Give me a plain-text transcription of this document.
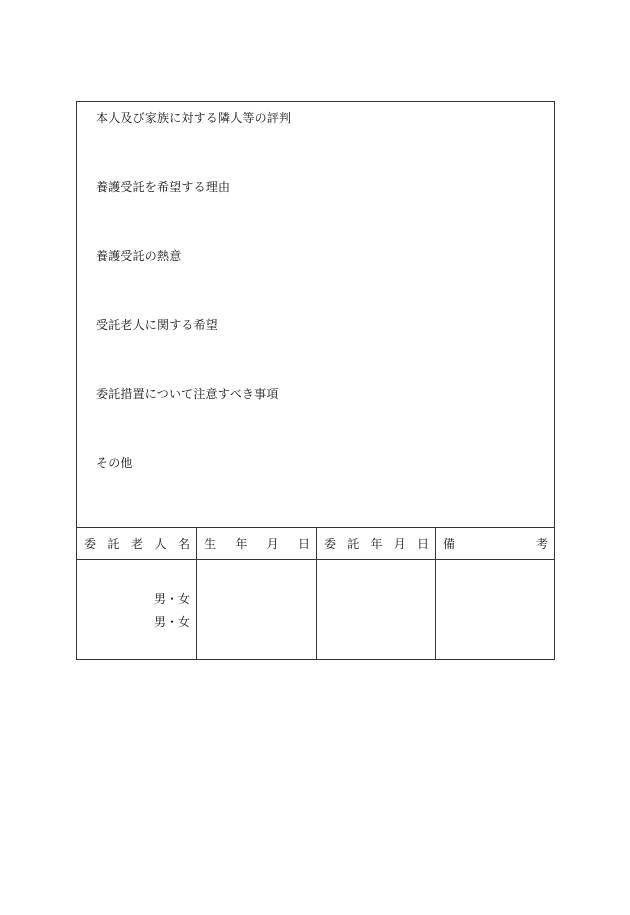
本人及び家族に対する隣人等の評判
養護受託を希望する理由
養護受託の熱意
受託老人に関する希望
委託措置について注意すべき事項
その他
委 託 老 人 名 生 年 月 日 委 託 年 月 日 備	考
男・女
男・女
